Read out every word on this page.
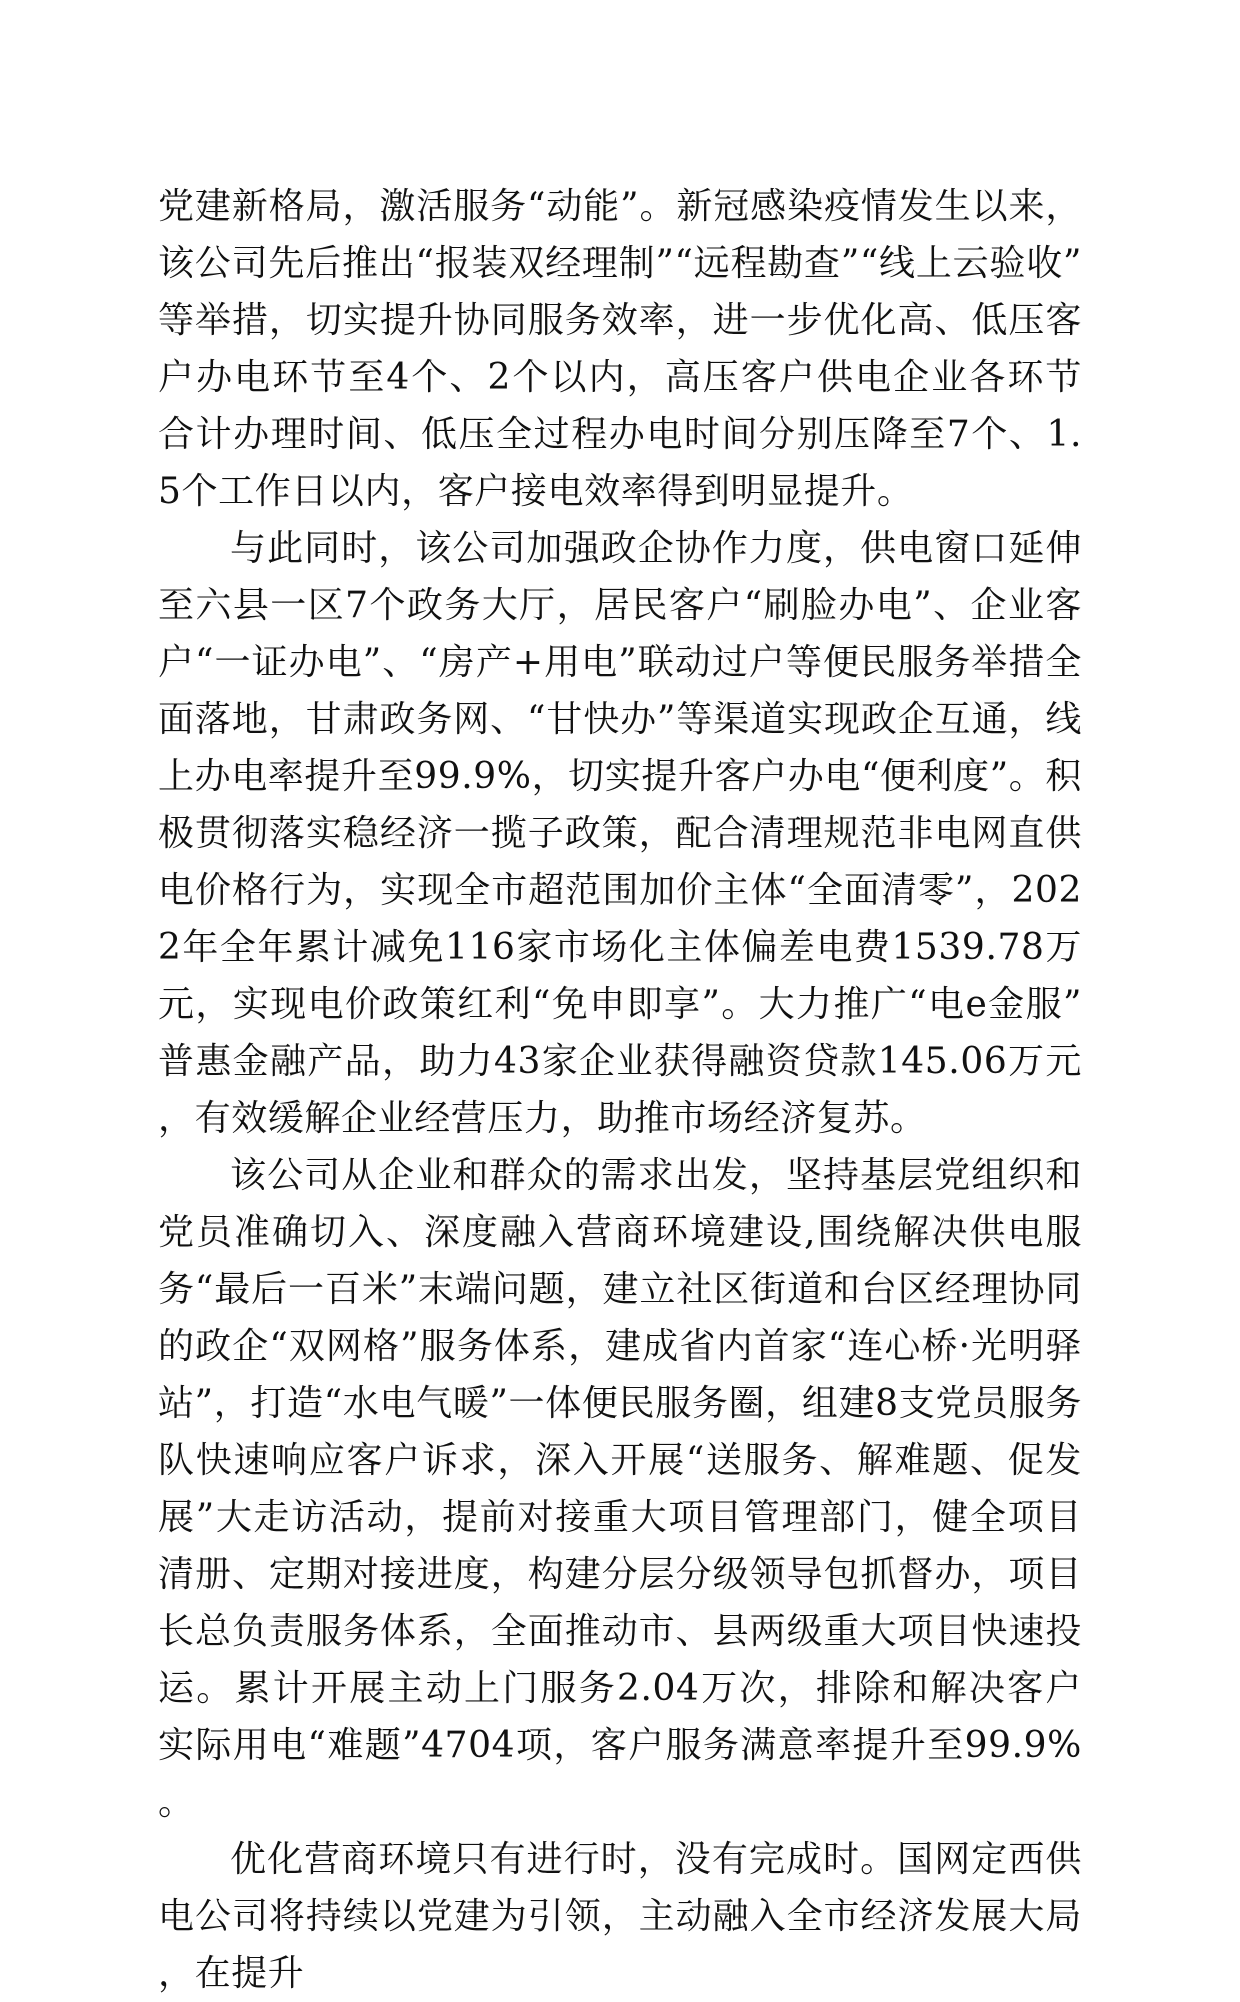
党建新格局，激活服务“动能”。新冠感染疫情发生以来，该公司先后推出“报装双经理制”“远程勘查”“线上云验收”等举措，切实提升协同服务效率，进一步优化高、低压客户办电环节至4个、2个以内，高压客户供电企业各环节合计办理时间、低压全过程办电时间分别压降至7个、1.5个工作日以内，客户接电效率得到明显提升。

与此同时，该公司加强政企协作力度，供电窗口延伸至六县一区7个政务大厅，居民客户“刷脸办电”、企业客户“一证办电”、“房产+用电”联动过户等便民服务举措全面落地，甘肃政务网、“甘快办”等渠道实现政企互通，线上办电率提升至99.9%，切实提升客户办电“便利度”。积极贯彻落实稳经济一揽子政策，配合清理规范非电网直供电价格行为，实现全市超范围加价主体“全面清零”，2022年全年累计减免116家市场化主体偏差电费1539.78万元，实现电价政策红利“免申即享”。大力推广“电e金服”普惠金融产品，助力43家企业获得融资贷款145.06万元，有效缓解企业经营压力，助推市场经济复苏。

该公司从企业和群众的需求出发，坚持基层党组织和党员准确切入、深度融入营商环境建设,围绕解决供电服务“最后一百米”末端问题，建立社区街道和台区经理协同的政企“双网格”服务体系，建成省内首家“连心桥·光明驿站”，打造“水电气暖”一体便民服务圈，组建8支党员服务队快速响应客户诉求，深入开展“送服务、解难题、促发展”大走访活动，提前对接重大项目管理部门，健全项目清册、定期对接进度，构建分层分级领导包抓督办，项目长总负责服务体系，全面推动市、县两级重大项目快速投运。累计开展主动上门服务2.04万次，排除和解决客户实际用电“难题”4704项，客户服务满意率提升至99.9%。

优化营商环境只有进行时，没有完成时。国网定西供电公司将持续以党建为引领，主动融入全市经济发展大局，在提升
